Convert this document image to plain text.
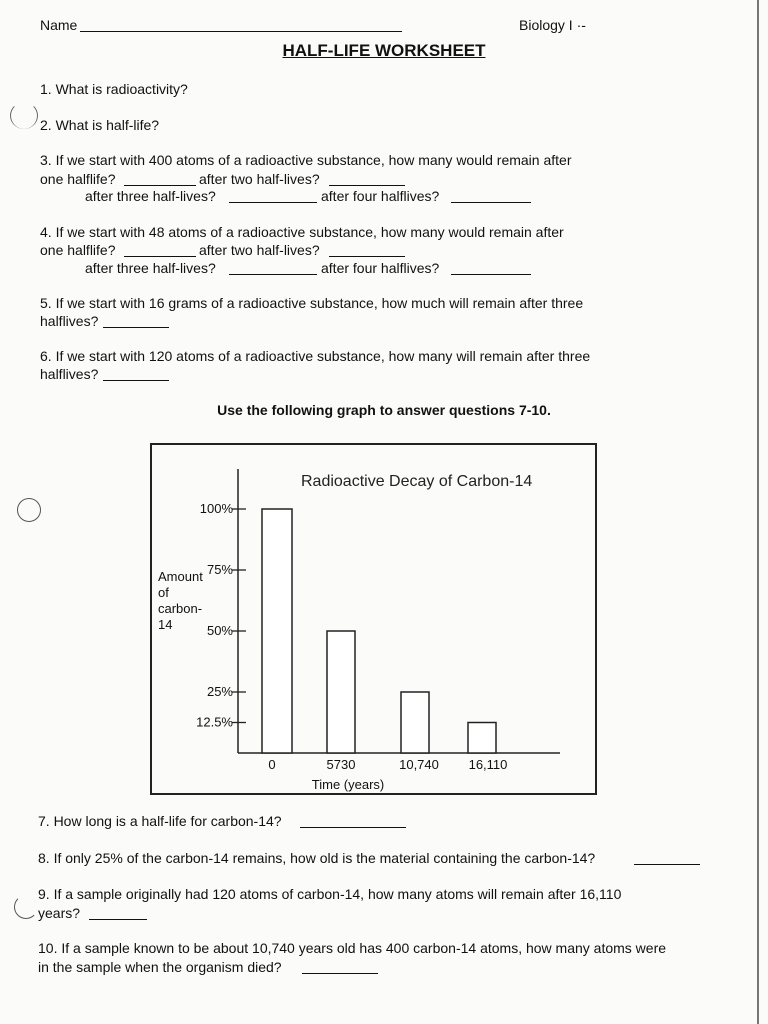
Name	Biology I ·-
HALF-LIFE WORKSHEET
1. What is radioactivity?
2. What is half-life?
3. If we start with 400 atoms of a radioactive substance, how many would remain after
one halflife?	after two half-lives?
after three half-lives?	after four halflives?
4. If we start with 48 atoms of a radioactive substance, how many would remain after
one halflife?	after two half-lives?
after three half-lives?	after four halflives?
5. If we start with 16 grams of a radioactive substance, how much will remain after three
halflives?
6. If we start with 120 atoms of a radioactive substance, how many will remain after three
halflives?
Use the following graph to answer questions 7-10.
Radioactive Decay of Carbon-14
100%
75%
50%
25%
12.5%
Amount
of
carbon-
14
0	5730	10,740 16,110
Time (years)
7. How long is a half-life for carbon-14?
8. If only 25% of the carbon-14 remains, how old is the material containing the carbon-14?
9. If a sample originally had 120 atoms of carbon-14, how many atoms will remain after 16,110
years?
10. If a sample known to be about 10,740 years old has 400 carbon-14 atoms, how many atoms were
in the sample when the organism died?
